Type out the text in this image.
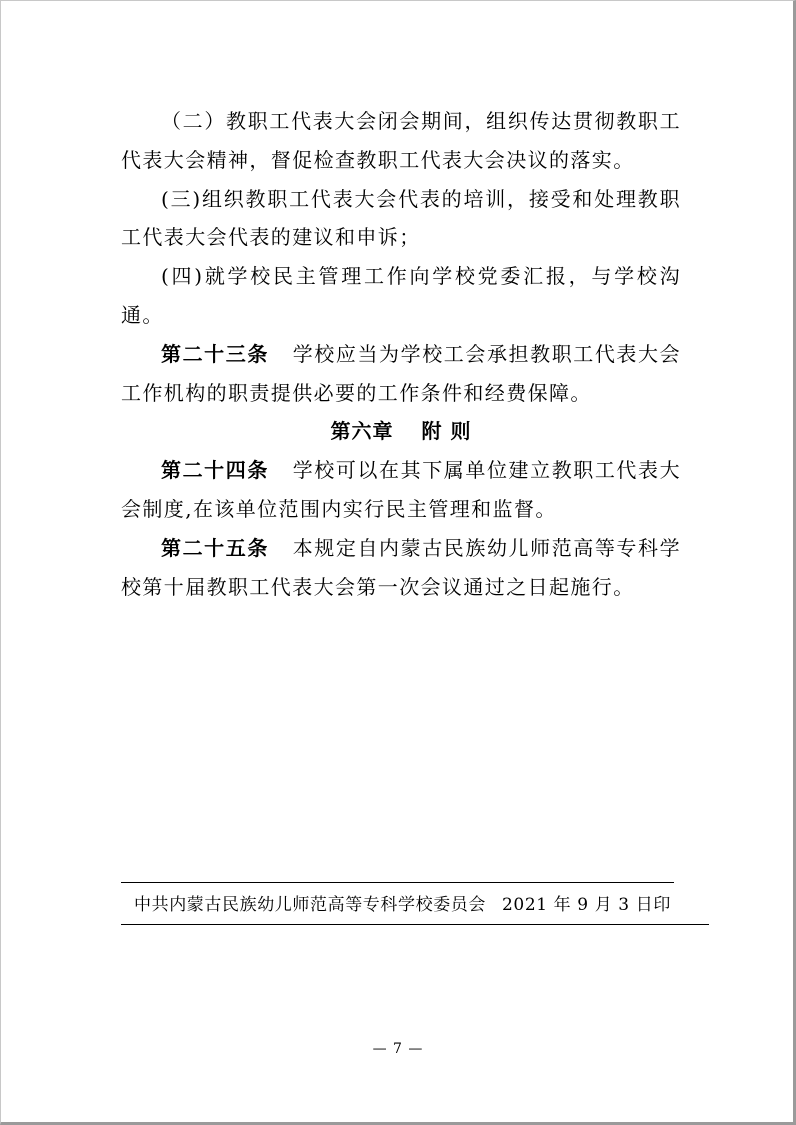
（二）教职工代表大会闭会期间，组织传达贯彻教职工代表大会精神，督促检查教职工代表大会决议的落实。

(三)组织教职工代表大会代表的培训，接受和处理教职工代表大会代表的建议和申诉；

(四)就学校民主管理工作向学校党委汇报，与学校沟通。

第二十三条   学校应当为学校工会承担教职工代表大会工作机构的职责提供必要的工作条件和经费保障。

第六章 附 则

第二十四条   学校可以在其下属单位建立教职工代表大会制度,在该单位范围内实行民主管理和监督。

第二十五条   本规定自内蒙古民族幼儿师范高等专科学校第十届教职工代表大会第一次会议通过之日起施行。

中共内蒙古民族幼儿师范高等专科学校委员会 2021 年 9 月 3 日印
— 7 —
